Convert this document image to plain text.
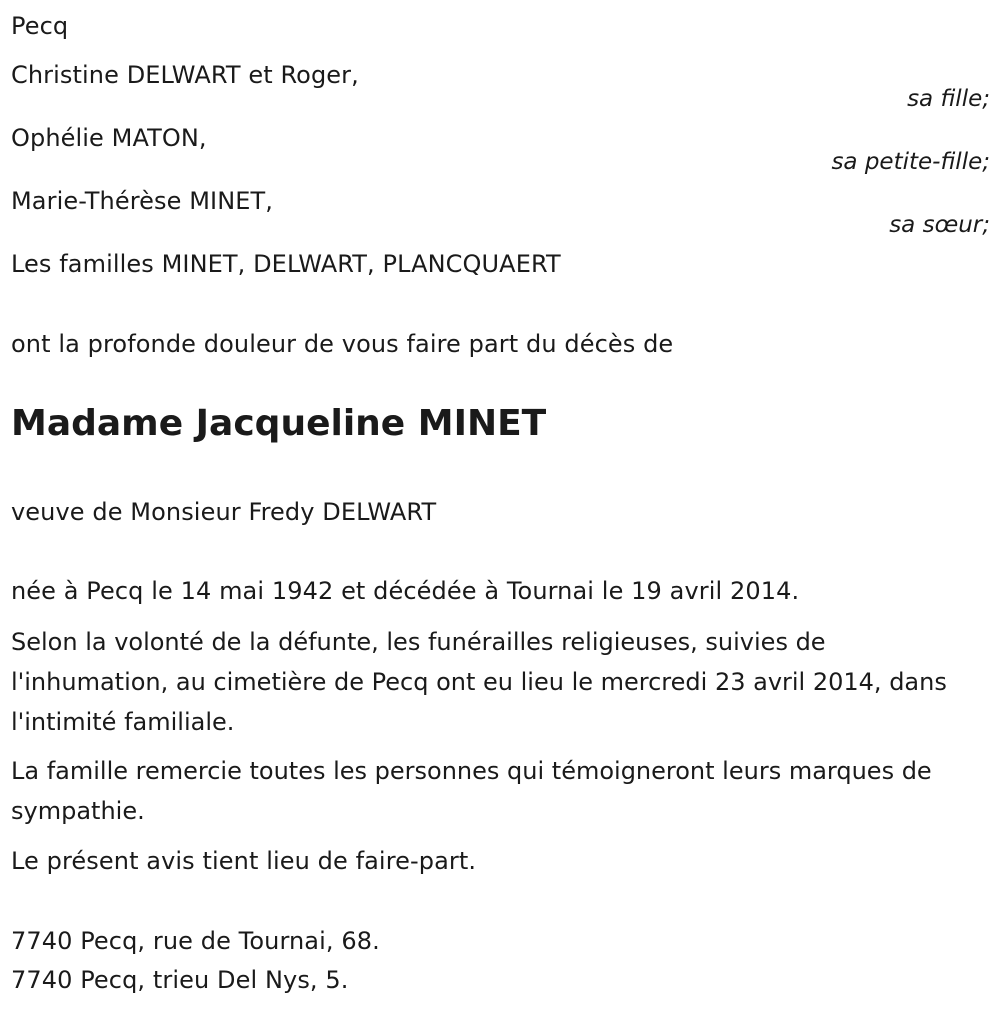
Pecq
Christine DELWART et Roger,
sa fille;
Ophélie MATON,
sa petite-fille;
Marie-Thérèse MINET,
sa sœur;
Les familles MINET, DELWART, PLANCQUAERT
ont la profonde douleur de vous faire part du décès de
Madame Jacqueline MINET
veuve de Monsieur Fredy DELWART
née à Pecq le 14 mai 1942 et décédée à Tournai le 19 avril 2014.
Selon la volonté de la défunte, les funérailles religieuses, suivies de l'inhumation, au cimetière de Pecq ont eu lieu le mercredi 23 avril 2014, dans l'intimité familiale.
La famille remercie toutes les personnes qui témoigneront leurs marques de sympathie.
Le présent avis tient lieu de faire-part.
7740 Pecq, rue de Tournai, 68.
7740 Pecq, trieu Del Nys, 5.
